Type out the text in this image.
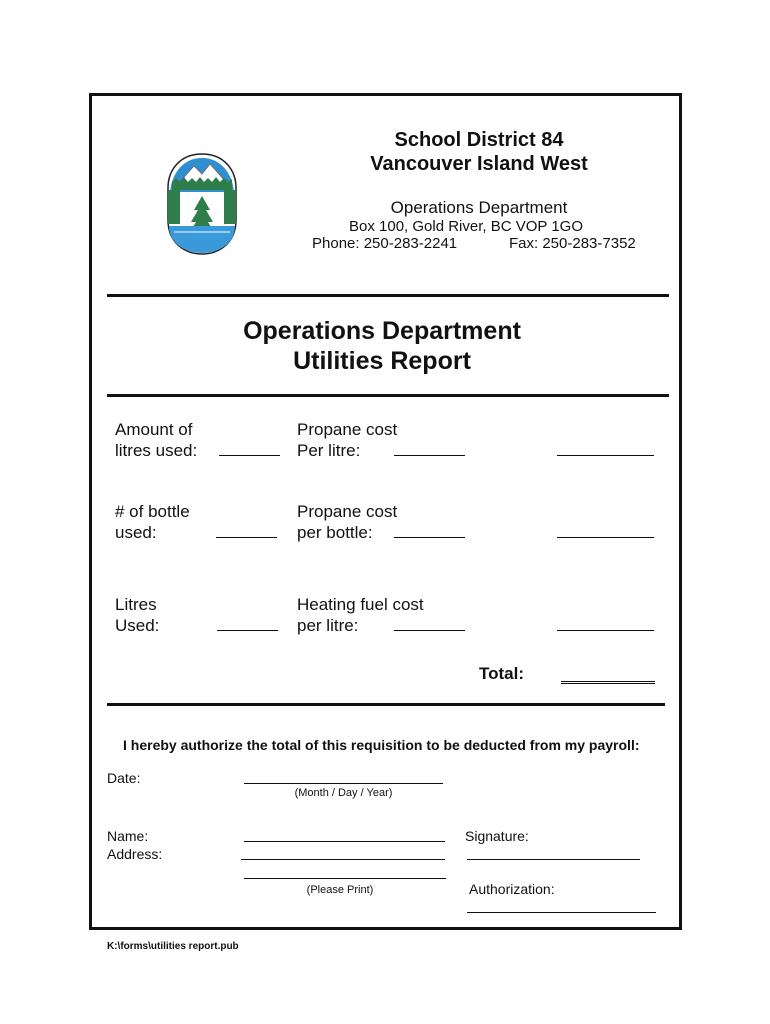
School District 84
Vancouver Island West
Operations Department
Box 100, Gold River, BC VOP 1GO
Phone: 250-283-2241	Fax: 250-283-7352
Operations Department
Utilities Report
Amount of
litres used:
Propane cost
Per litre:
# of bottle
used:
Propane cost
per bottle:
Litres
Used:
Heating fuel cost
per litre:
Total:
I hereby authorize the total of this requisition to be deducted from my payroll:
Date:
(Month / Day / Year)
Name:
Address:
(Please Print)
Signature:
Authorization:
K:\forms\utilities report.pub
